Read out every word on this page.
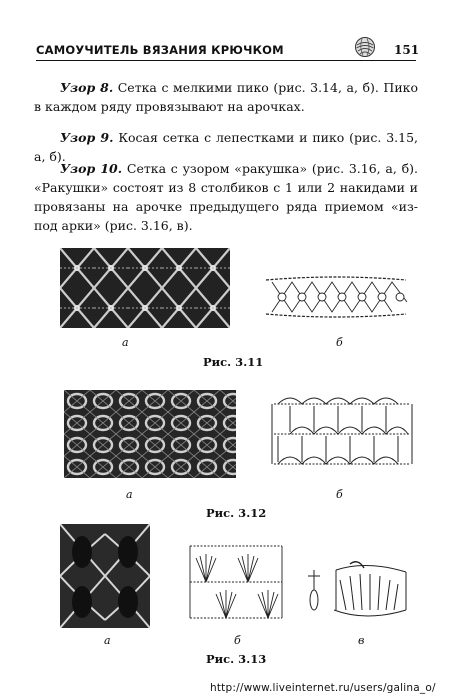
САМОУЧИТЕЛЬ ВЯЗАНИЯ КРЮЧКОМ	151
Узор 8. Сетка с мелкими пико (рис. 3.14, а, б). Пико в каждом ряду провязывают на арочках.
Узор 9. Косая сетка с лепестками и пико (рис. 3.15, а, б).
Узор 10. Сетка с узором «ракушка» (рис. 3.16, а, б). «Ракушки» состоят из 8 столбиков с 1 или 2 накидами и провязаны на арочке предыдущего ряда приемом «из-под арки» (рис. 3.16, в).
а	б
Рис. 3.11
а	б
Рис. 3.12
а	б	в
Рис. 3.13
http://www.liveinternet.ru/users/galina_o/
